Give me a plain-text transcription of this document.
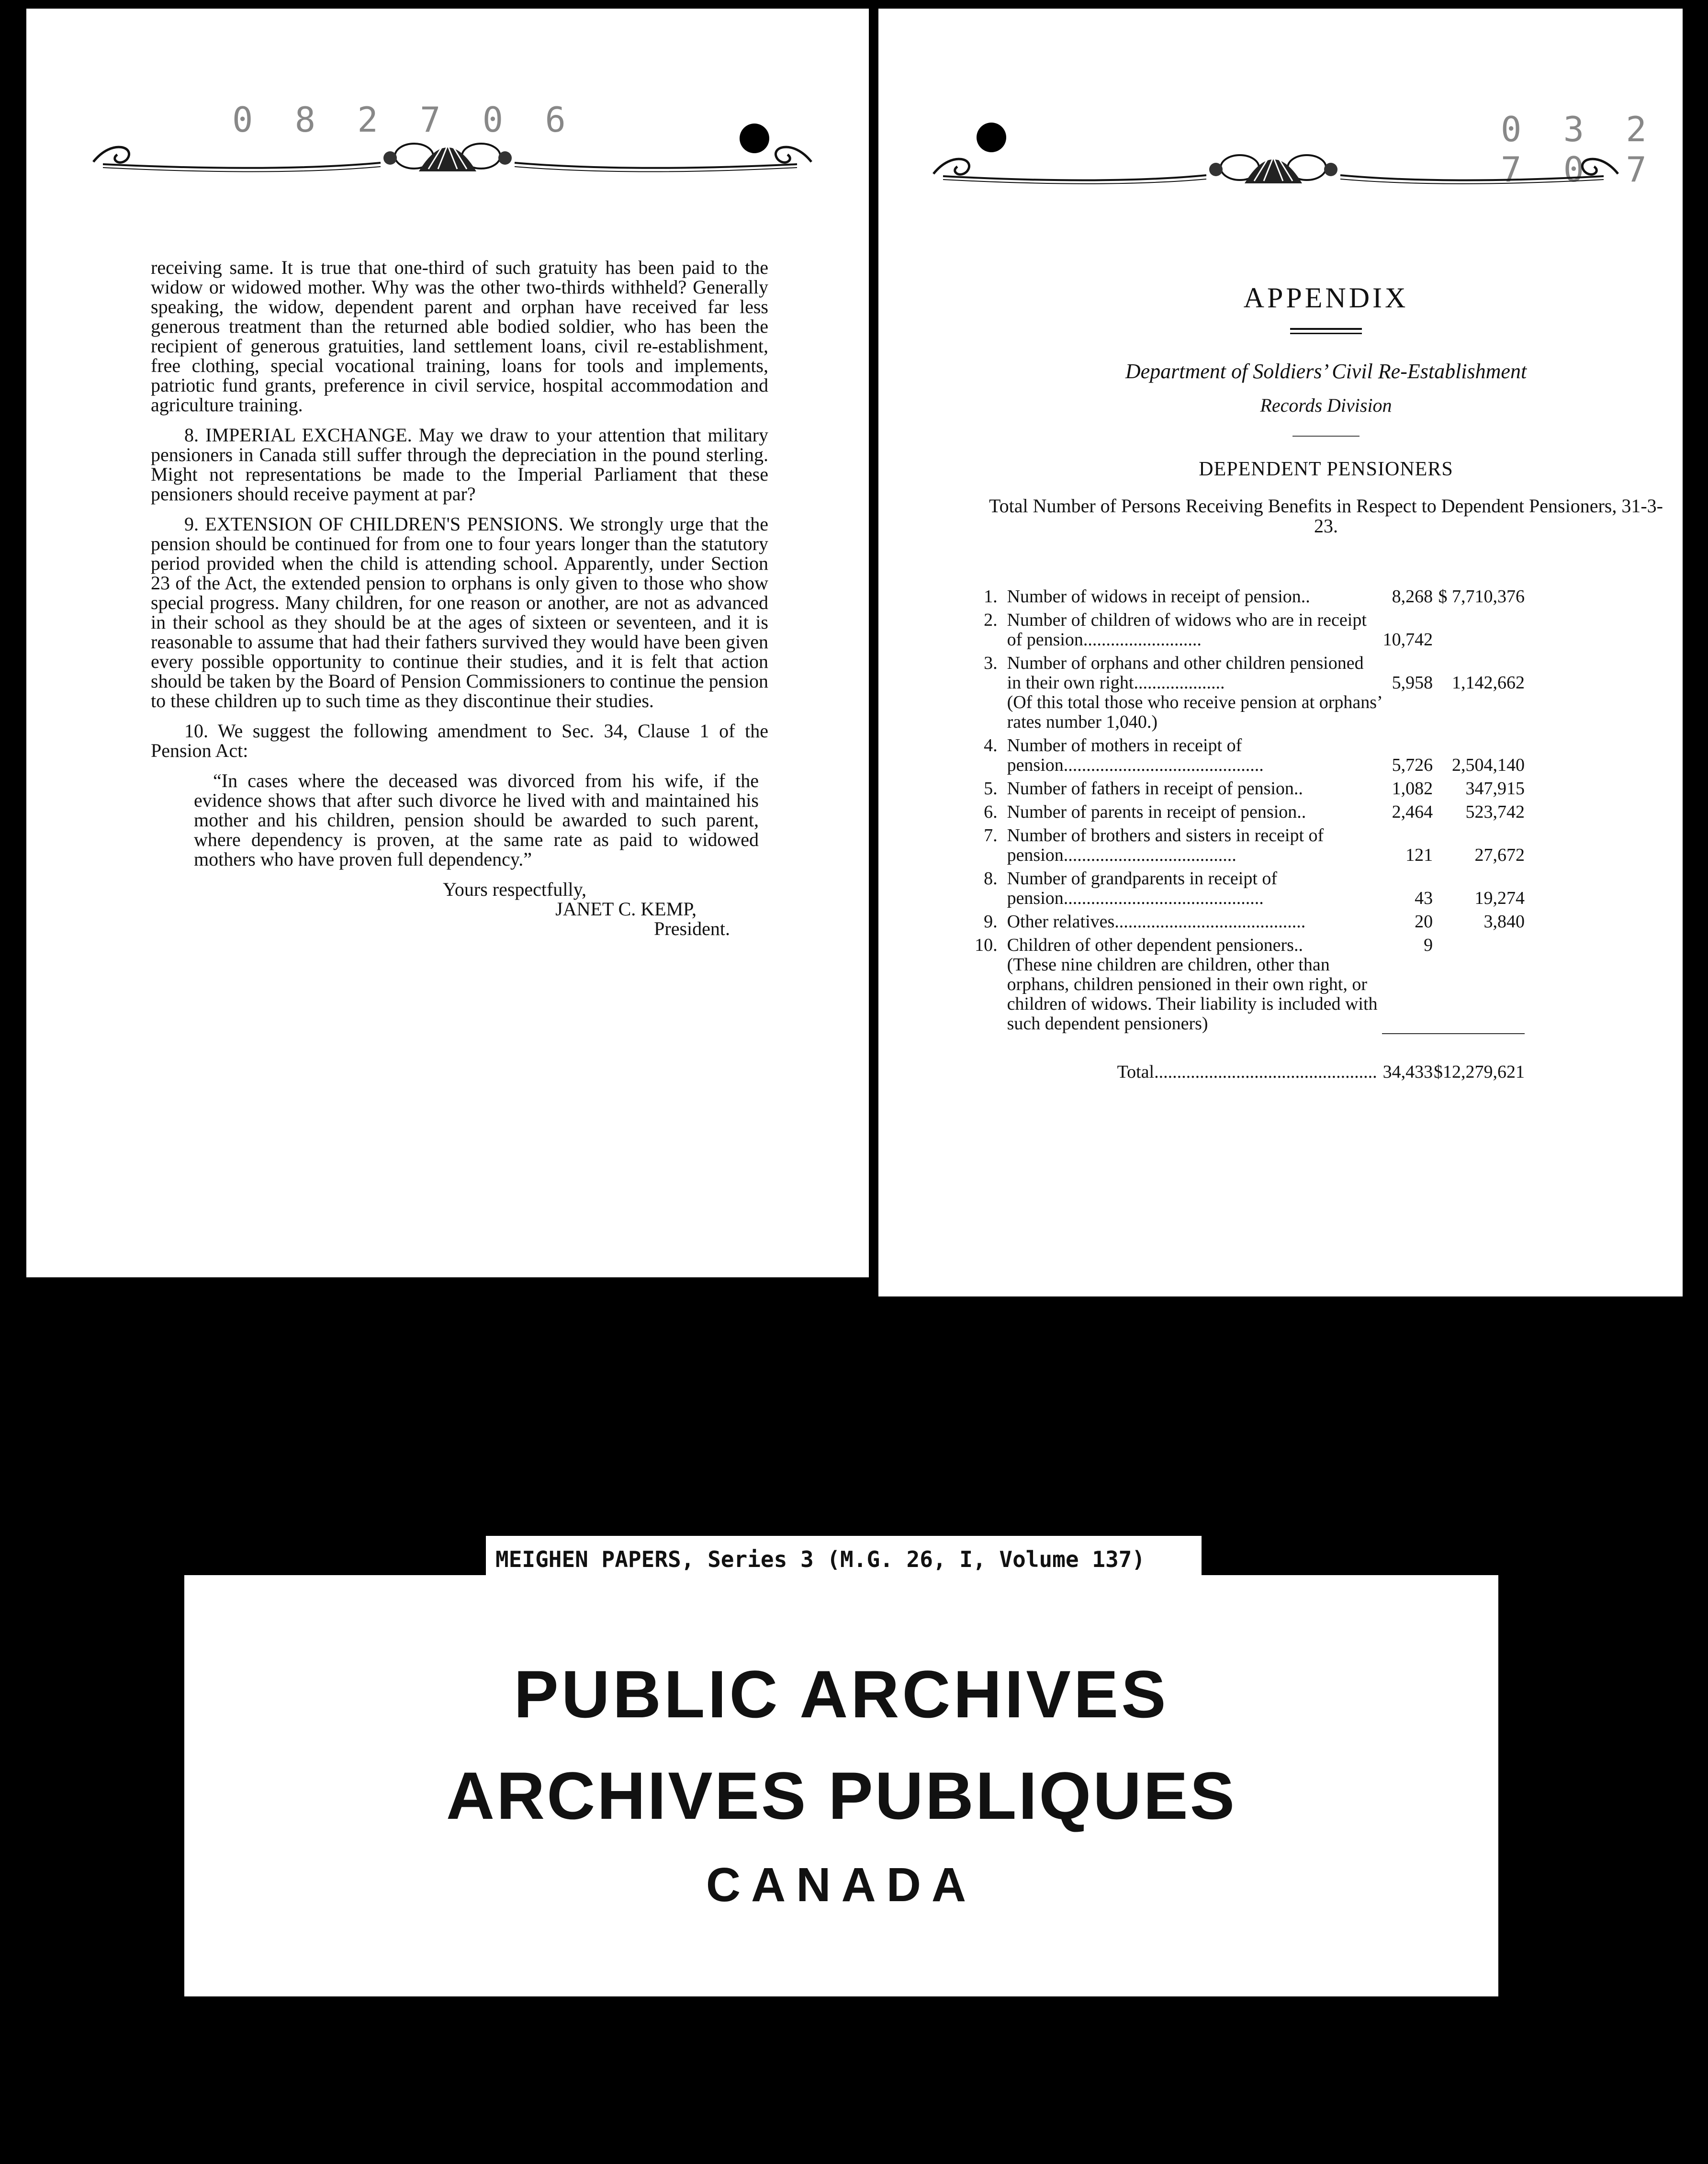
0 8 2 7 0 6

receiving same. It is true that one-third of such gratuity has been paid to the widow or widowed mother. Why was the other two-thirds withheld? Generally speaking, the widow, dependent parent and orphan have received far less generous treatment than the returned able bodied soldier, who has been the recipient of generous gratuities, land settlement loans, civil re-establishment, free clothing, special vocational training, loans for tools and implements, patriotic fund grants, preference in civil service, hospital accommodation and agriculture training.

8. IMPERIAL EXCHANGE. May we draw to your attention that military pensioners in Canada still suffer through the depreciation in the pound sterling. Might not representations be made to the Imperial Parliament that these pensioners should receive payment at par?

9. EXTENSION OF CHILDREN'S PENSIONS. We strongly urge that the pension should be continued for from one to four years longer than the statutory period provided when the child is attending school. Apparently, under Section 23 of the Act, the extended pension to orphans is only given to those who show special progress. Many children, for one reason or another, are not as advanced in their school as they should be at the ages of sixteen or seventeen, and it is reasonable to assume that had their fathers survived they would have been given every possible opportunity to continue their studies, and it is felt that action should be taken by the Board of Pension Commissioners to continue the pension to these children up to such time as they discontinue their studies.

10. We suggest the following amendment to Sec. 34, Clause 1 of the Pension Act:

“In cases where the deceased was divorced from his wife, if the evidence shows that after such divorce he lived with and maintained his mother and his children, pension should be awarded to such parent, where dependency is proven, at the same rate as paid to widowed mothers who have proven full dependency.”

Yours respectfully,
JANET C. KEMP,
President.
0 3 2 7 0 7
APPENDIX
Department of Soldiers’ Civil Re-Establishment
Records Division
DEPENDENT PENSIONERS
Total Number of Persons Receiving Benefits in Respect to Dependent Pensioners, 31-3-23.
1.	Number of widows in receipt of pension..	8,268	$ 7,710,376
2.	Number of children of widows who are in receipt of pension..........................	10,742	
3.	Number of orphans and other children pensioned in their own right....................	5,958	1,142,662
	(Of this total those who receive pension at orphans’ rates number 1,040.)		
4.	Number of mothers in receipt of pension............................................	5,726	2,504,140
5.	Number of fathers in receipt of pension..	1,082	347,915
6.	Number of parents in receipt of pension..	2,464	523,742
7.	Number of brothers and sisters in receipt of pension......................................	121	27,672
8.	Number of grandparents in receipt of pension............................................	43	19,274
9.	Other relatives..........................................	20	3,840
10.	Children of other dependent pensioners..	9	
	(These nine children are children, other than orphans, children pensioned in their own right, or children of widows. Their liability is included with such dependent pensioners)		

	Total.................................................	34,433	$12,279,621
MEIGHEN PAPERS, Series 3 (M.G. 26, I, Volume 137)
PUBLIC ARCHIVES
ARCHIVES PUBLIQUES
CANADA
